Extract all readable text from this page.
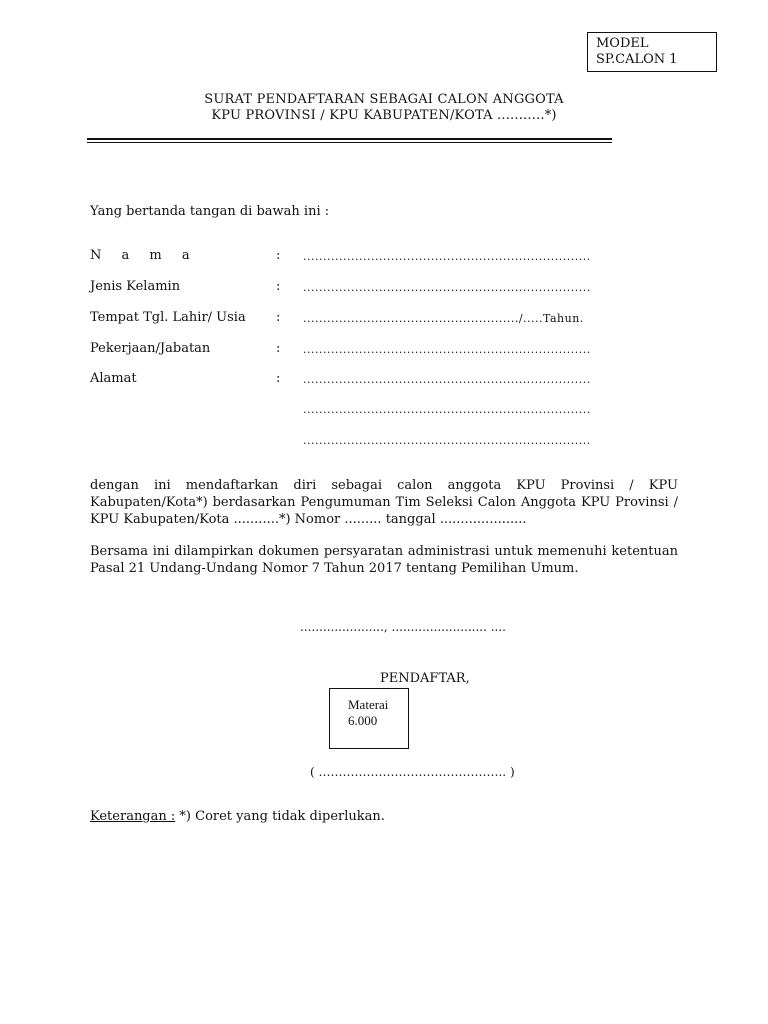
MODEL
SP.CALON 1
SURAT PENDAFTARAN SEBAGAI CALON ANGGOTA
KPU PROVINSI / KPU KABUPATEN/KOTA ...........*)
Yang bertanda tangan di bawah ini :
N a m a	: ........................................................................
Jenis Kelamin	: ........................................................................
Tempat Tgl. Lahir/ Usia : ....................................................../.....Tahun.
Pekerjaan/Jabatan	: ........................................................................
Alamat	: ........................................................................
........................................................................
........................................................................
dengan ini mendaftarkan diri sebagai calon anggota KPU Provinsi / KPU Kabupaten/Kota*) berdasarkan Pengumuman Tim Seleksi Calon Anggota KPU Provinsi / KPU Kabupaten/Kota ...........*) Nomor ......... tanggal .....................
Bersama ini dilampirkan dokumen persyaratan administrasi untuk memenuhi ketentuan Pasal 21 Undang-Undang Nomor 7 Tahun 2017 tentang Pemilihan Umum.
......................, ......................... ....
PENDAFTAR,
Materai
6.000
( ……………………………………….. )
Keterangan : *) Coret yang tidak diperlukan.
